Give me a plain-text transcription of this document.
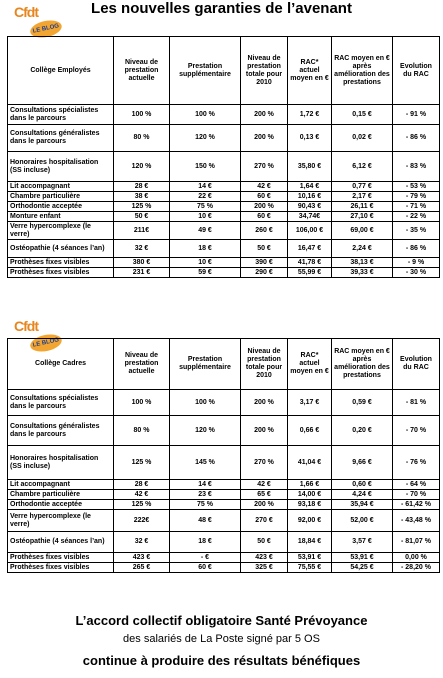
Les nouvelles garanties de l’avenant
Cfdt
LE BLOG
Collège Employés	Niveau de prestation actuelle	Prestation supplémentaire	Niveau de prestation totale pour 2010	RAC* actuel moyen en €	RAC moyen en € après amélioration des prestations	Evolution du RAC
Consultations spécialistes dans le parcours	100 %	100 %	200 %	1,72 €	0,15 €	- 91 %
Consultations généralistes dans le parcours	80 %	120 %	200 %	0,13 €	0,02 €	- 86 %
Honoraires hospitalisation (SS incluse)	120 %	150 %	270 %	35,80 €	6,12 €	- 83 %
Lit accompagnant	28 €	14 €	42 €	1,64 €	0,77 €	- 53 %
Chambre particulière	38 €	22 €	60 €	10,16 €	2,17 €	- 79 %
Orthodontie acceptée	125 %	75 %	200 %	90,43 €	26,11 €	- 71 %
Monture enfant	50 €	10 €	60 €	34,74€	27,10 €	- 22 %
Verre hypercomplexe (le verre)	211€	49 €	260 €	106,00 €	69,00 €	- 35 %
Ostéopathie (4 séances l’an)	32 €	18 €	50 €	16,47 €	2,24 €	- 86 %
Prothèses fixes visibles	380 €	10 €	390 €	41,78 €	38,13 €	- 9 %
Prothèses fixes visibles	231 €	59 €	290 €	55,99 €	39,33 €	- 30 %
Cfdt
LE BLOG
Collège Cadres	Niveau de prestation actuelle	Prestation supplémentaire	Niveau de prestation totale pour 2010	RAC* actuel moyen en €	RAC moyen en € après amélioration des prestations	Evolution du RAC
Consultations spécialistes dans le parcours	100 %	100 %	200 %	3,17 €	0,59 €	- 81 %
Consultations généralistes dans le parcours	80 %	120 %	200 %	0,66 €	0,20 €	- 70 %
Honoraires hospitalisation (SS incluse)	125 %	145 %	270 %	41,04 €	9,66 €	- 76 %
Lit accompagnant	28 €	14 €	42 €	1,66 €	0,60 €	- 64 %
Chambre particulière	42 €	23 €	65 €	14,00 €	4,24 €	- 70 %
Orthodontie acceptée	125 %	75 %	200 %	93,18 €	35,94 €	- 61,42 %
Verre hypercomplexe (le verre)	222€	48 €	270 €	92,00 €	52,00 €	- 43,48 %
Ostéopathie (4 séances l’an)	32 €	18 €	50 €	18,84 €	3,57 €	- 81,07 %
Prothèses fixes visibles	423 €	- €	423 €	53,91 €	53,91 €	0,00 %
Prothèses fixes visibles	265 €	60 €	325 €	75,55 €	54,25 €	- 28,20 %
L’accord collectif obligatoire Santé Prévoyance
des salariés de La Poste signé par 5 OS
continue à produire des résultats bénéfiques
